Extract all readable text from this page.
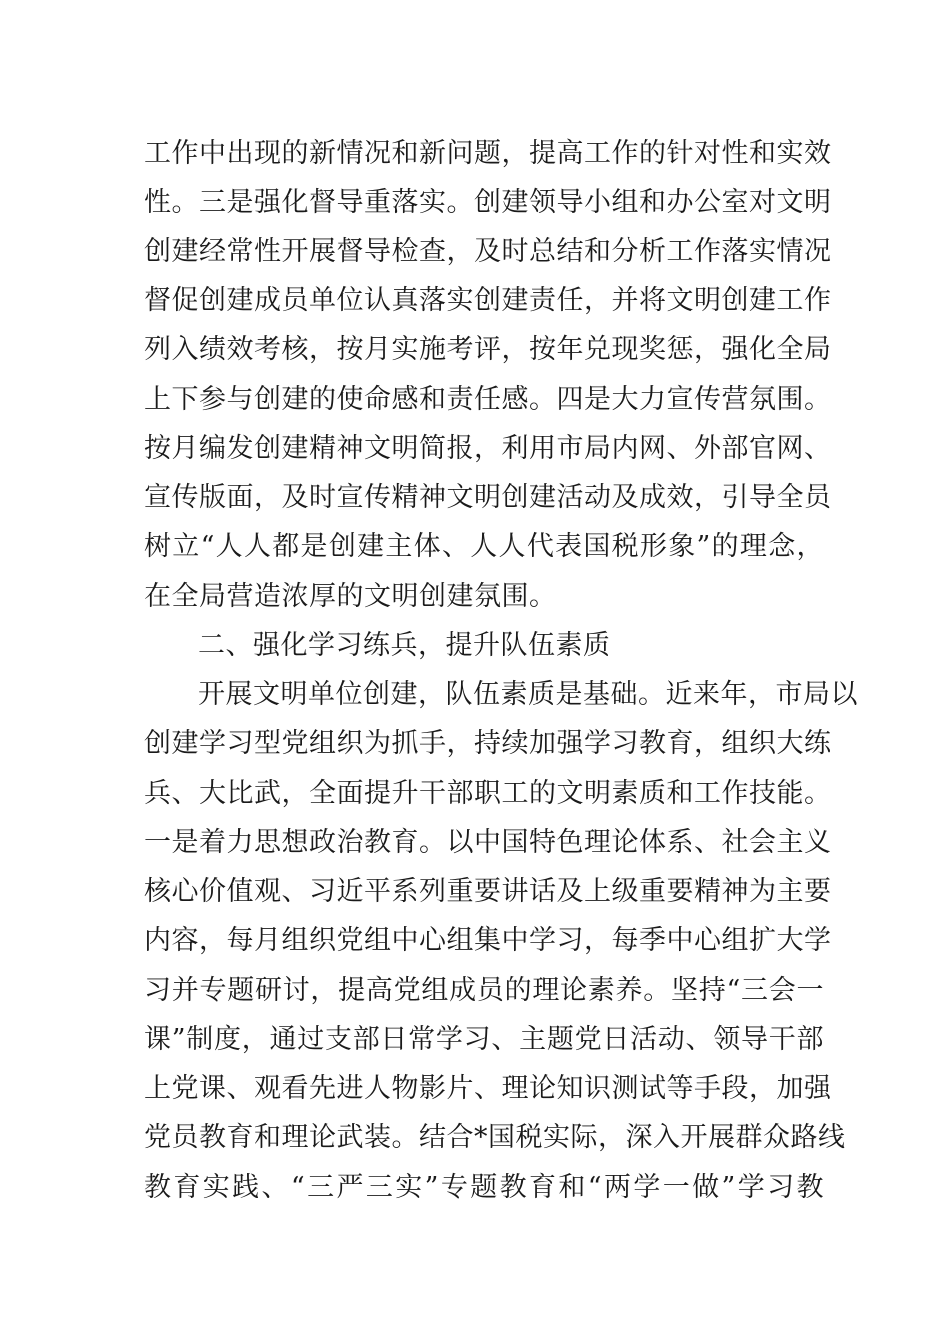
工作中出现的新情况和新问题，提高工作的针对性和实效
性。三是强化督导重落实。创建领导小组和办公室对文明
创建经常性开展督导检查，及时总结和分析工作落实情况
督促创建成员单位认真落实创建责任，并将文明创建工作
列入绩效考核，按月实施考评，按年兑现奖惩，强化全局
上下参与创建的使命感和责任感。四是大力宣传营氛围。
按月编发创建精神文明简报，利用市局内网、外部官网、
宣传版面，及时宣传精神文明创建活动及成效，引导全员
树立“人人都是创建主体、人人代表国税形象”的理念，
在全局营造浓厚的文明创建氛围。
二、强化学习练兵，提升队伍素质
开展文明单位创建，队伍素质是基础。近来年，市局以
创建学习型党组织为抓手，持续加强学习教育，组织大练
兵、大比武，全面提升干部职工的文明素质和工作技能。
一是着力思想政治教育。以中国特色理论体系、社会主义
核心价值观、习近平系列重要讲话及上级重要精神为主要
内容，每月组织党组中心组集中学习，每季中心组扩大学
习并专题研讨，提高党组成员的理论素养。坚持“三会一
课”制度，通过支部日常学习、主题党日活动、领导干部
上党课、观看先进人物影片、理论知识测试等手段，加强
党员教育和理论武装。结合*国税实际，深入开展群众路线
教育实践、“三严三实”专题教育和“两学一做”学习教
